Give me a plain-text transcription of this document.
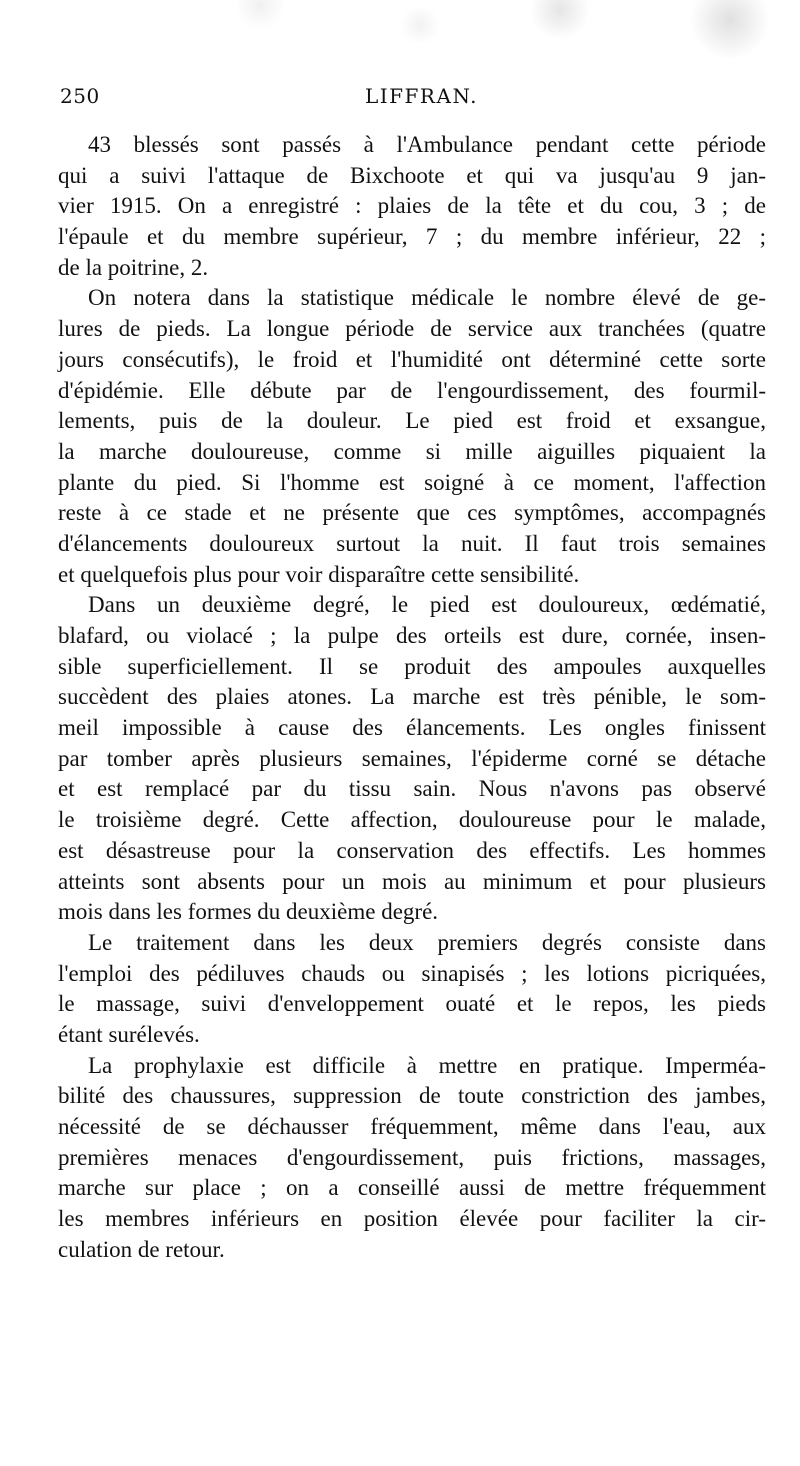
250	LIFFRAN.
43 blessés sont passés à l'Ambulance pendant cette période
qui a suivi l'attaque de Bixchoote et qui va jusqu'au 9 jan-
vier 1915. On a enregistré : plaies de la tête et du cou, 3 ; de
l'épaule et du membre supérieur, 7 ; du membre inférieur, 22 ;
de la poitrine, 2.
On notera dans la statistique médicale le nombre élevé de ge-
lures de pieds. La longue période de service aux tranchées (quatre
jours consécutifs), le froid et l'humidité ont déterminé cette sorte
d'épidémie. Elle débute par de l'engourdissement, des fourmil-
lements, puis de la douleur. Le pied est froid et exsangue,
la marche douloureuse, comme si mille aiguilles piquaient la
plante du pied. Si l'homme est soigné à ce moment, l'affection
reste à ce stade et ne présente que ces symptômes, accompagnés
d'élancements douloureux surtout la nuit. Il faut trois semaines
et quelquefois plus pour voir disparaître cette sensibilité.
Dans un deuxième degré, le pied est douloureux, œdématié,
blafard, ou violacé ; la pulpe des orteils est dure, cornée, insen-
sible superficiellement. Il se produit des ampoules auxquelles
succèdent des plaies atones. La marche est très pénible, le som-
meil impossible à cause des élancements. Les ongles finissent
par tomber après plusieurs semaines, l'épiderme corné se détache
et est remplacé par du tissu sain. Nous n'avons pas observé
le troisième degré. Cette affection, douloureuse pour le malade,
est désastreuse pour la conservation des effectifs. Les hommes
atteints sont absents pour un mois au minimum et pour plusieurs
mois dans les formes du deuxième degré.
Le traitement dans les deux premiers degrés consiste dans
l'emploi des pédiluves chauds ou sinapisés ; les lotions picriquées,
le massage, suivi d'enveloppement ouaté et le repos, les pieds
étant surélevés.
La prophylaxie est difficile à mettre en pratique. Imperméa-
bilité des chaussures, suppression de toute constriction des jambes,
nécessité de se déchausser fréquemment, même dans l'eau, aux
premières menaces d'engourdissement, puis frictions, massages,
marche sur place ; on a conseillé aussi de mettre fréquemment
les membres inférieurs en position élevée pour faciliter la cir-
culation de retour.
